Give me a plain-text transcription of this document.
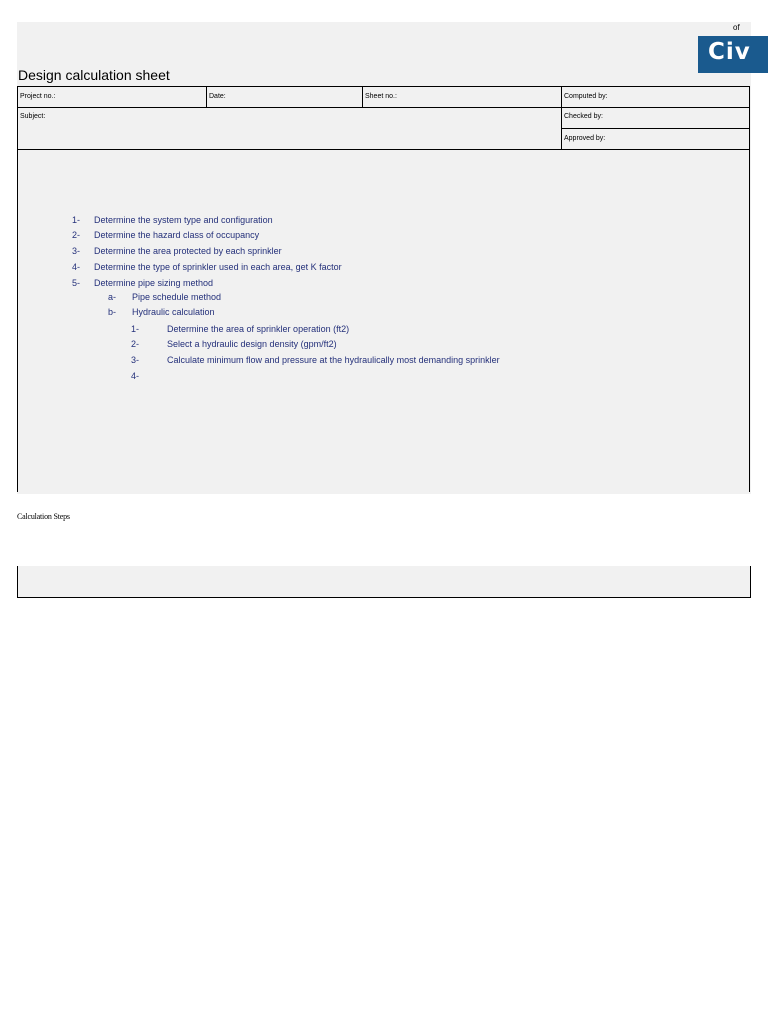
of
Civ
Design calculation sheet
Project no.:	Date:	Sheet no.:	Computed by:
Subject:	Checked by:
Approved by:
1- Determine the system type and configuration
2- Determine the hazard class of occupancy
3- Determine the area protected by each sprinkler
4- Determine the type of sprinkler used in each area, get K factor
5- Determine pipe sizing method
a- Pipe schedule method
b- Hydraulic calculation
1-	Determine the area of sprinkler operation (ft2)
2-	Select a hydraulic design density (gpm/ft2)
3-	Calculate minimum flow and pressure at the hydraulically most demanding sprinkler
4-
Calculation Steps
